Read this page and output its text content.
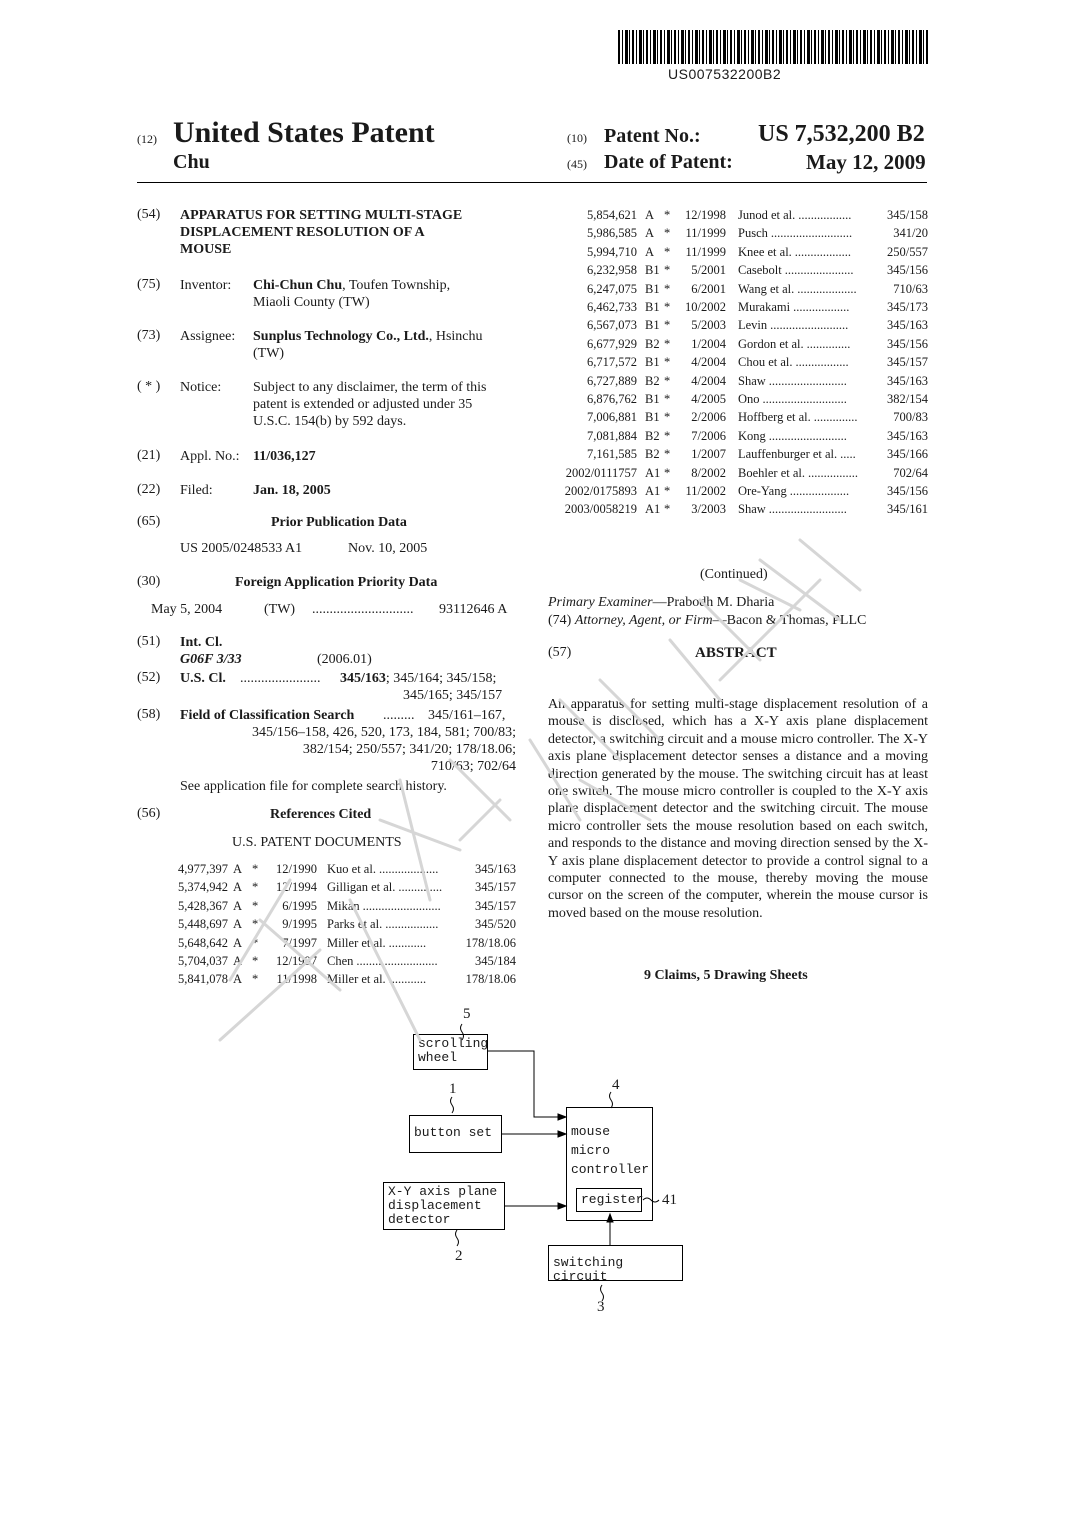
US007532200B2
(12) United States Patent
Chu
(10) Patent No.: US 7,532,200 B2
(45) Date of Patent:	May 12, 2009
(54) APPARATUS FOR SETTING MULTI-STAGE
DISPLACEMENT RESOLUTION OF A
MOUSE
(75) Inventor: Chi-Chun Chu, Toufen Township,
Miaoli County (TW)
(73) Assignee: Sunplus Technology Co., Ltd., Hsinchu
(TW)
( * ) Notice: Subject to any disclaimer, the term of this
patent is extended or adjusted under 35
U.S.C. 154(b) by 592 days.
(21) Appl. No.: 11/036,127
(22) Filed:	Jan. 18, 2005
(65)	Prior Publication Data
US 2005/0248533 A1	Nov. 10, 2005
(30)	Foreign Application Priority Data
May 5, 2004	(TW) ............................. 93112646 A
(51) Int. Cl.
G06F 3/33	(2006.01)
(52) U.S. Cl. ....................... 345/163; 345/164; 345/158;
345/165; 345/157
(58) Field of Classification Search ......... 345/161–167,
345/156–158, 426, 520, 173, 184, 581; 700/83;
382/154; 250/557; 341/20; 178/18.06;
710/63; 702/64
See application file for complete search history.
(56)	References Cited
U.S. PATENT DOCUMENTS
4,977,397 A *	12/1990 Kuo et al. ...................	345/163
5,374,942 A *	12/1994 Gilligan et al. ..............	345/157
5,428,367 A *	6/1995 Mikan .........................	345/157
5,448,697 A *	9/1995 Parks et al. .................	345/520
5,648,642 A *	7/1997 Miller et al. ............	178/18.06
5,704,037 A *	12/1997 Chen ..........................	345/184
5,841,078 A *	11/1998 Miller et al. ............	178/18.06
5,854,621 A *	12/1998 Junod et al. .................	345/158
5,986,585 A *	11/1999 Pusch ..........................	341/20
5,994,710 A *	11/1999 Knee et al. ..................	250/557
6,232,958 B1 *	5/2001 Casebolt ......................	345/156
6,247,075 B1 *	6/2001 Wang et al. ...................	710/63
6,462,733 B1 *	10/2002 Murakami ..................	345/173
6,567,073 B1 *	5/2003 Levin .........................	345/163
6,677,929 B2 *	1/2004 Gordon et al. ..............	345/156
6,717,572 B1 *	4/2004 Chou et al. .................	345/157
6,727,889 B2 *	4/2004 Shaw .........................	345/163
6,876,762 B1 *	4/2005 Ono ...........................	382/154
7,006,881 B1 *	2/2006 Hoffberg et al. ..............	700/83
7,081,884 B2 *	7/2006 Kong .........................	345/163
7,161,585 B2 *	1/2007 Lauffenburger et al. .....	345/166
2002/0111757 A1 *	8/2002 Boehler et al. ................	702/64
2002/0175893 A1 *	11/2002 Ore-Yang ...................	345/156
2003/0058219 A1 *	3/2003 Shaw .........................	345/161
(Continued)
Primary Examiner—Prabodh M. Dharia
(74) Attorney, Agent, or Firm—Bacon & Thomas, PLLC
(57)	ABSTRACT
An apparatus for setting multi-stage displacement resolution of a mouse is disclosed, which has a X-Y axis plane displacement detector, a switching circuit and a mouse micro controller. The X-Y axis plane displacement detector senses a distance and a moving direction generated by the mouse. The switching circuit has at least one switch. The mouse micro controller is coupled to the X-Y axis plane displacement detector and the switching circuit. The mouse micro controller sets the mouse resolution based on each switch, and responds to the distance and moving direction sensed by the X-Y axis plane displacement detector to provide a control signal to a computer connected to the mouse, thereby moving the mouse cursor on the screen of the computer, wherein the mouse cursor is moved based on the mouse resolution.
9 Claims, 5 Drawing Sheets
5
scrolling
wheel
1
button set
X-Y axis plane
displacement
detector
2
4
mouse
micro
controller
register 41
switching circuit
3
